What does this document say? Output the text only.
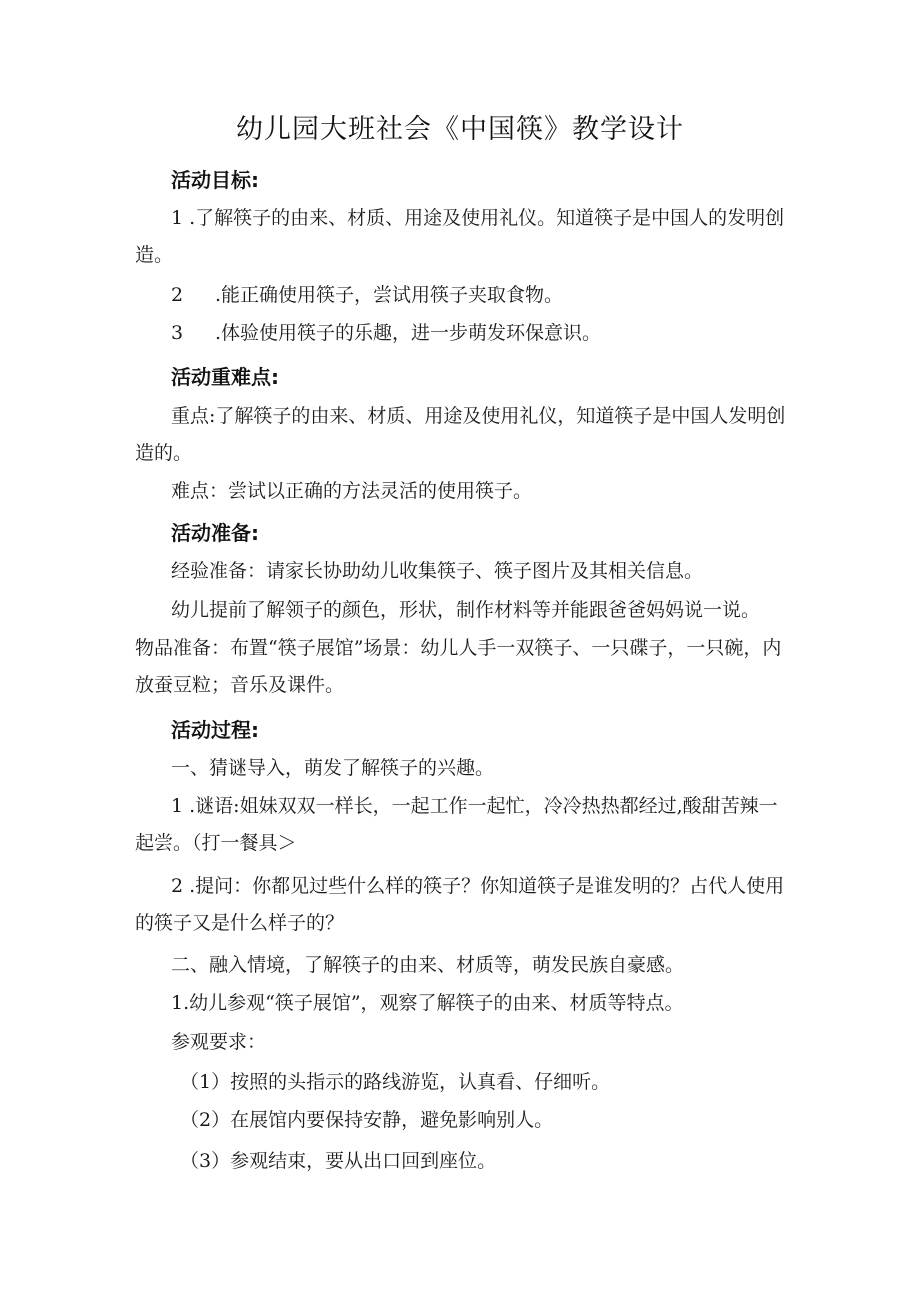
幼儿园大班社会《中国筷》教学设计
活动目标:
1 .了解筷子的由来、材质、用途及使用礼仪。知道筷子是中国人的发明创造。
2 .能正确使用筷子，尝试用筷子夹取食物。
3 .体验使用筷子的乐趣，进一步萌发环保意识。
活动重难点:
重点:了解筷子的由来、材质、用途及使用礼仪，知道筷子是中国人发明创造的。
难点：尝试以正确的方法灵活的使用筷子。
活动准备:
经验准备：请家长协助幼儿收集筷子、筷子图片及其相关信息。
幼儿提前了解领子的颜色，形状，制作材料等并能跟爸爸妈妈说一说。
物品准备：布置“筷子展馆”场景：幼儿人手一双筷子、一只碟子，一只碗，内放蚕豆粒；音乐及课件。
活动过程:
一、猜谜导入，萌发了解筷子的兴趣。
1 .谜语:姐妹双双一样长，一起工作一起忙，冷冷热热都经过,酸甜苦辣一起尝。（打一餐具＞
2 .提问：你都见过些什么样的筷子？你知道筷子是谁发明的？占代人使用的筷子又是什么样子的？
二、融入情境，了解筷子的由来、材质等，萌发民族自豪感。
1.幼儿参观“筷子展馆”，观察了解筷子的由来、材质等特点。
参观要求：
（1）按照的头指示的路线游览，认真看、仔细听。
（2）在展馆内要保持安静，避免影响别人。
（3）参观结束，要从出口回到座位。
